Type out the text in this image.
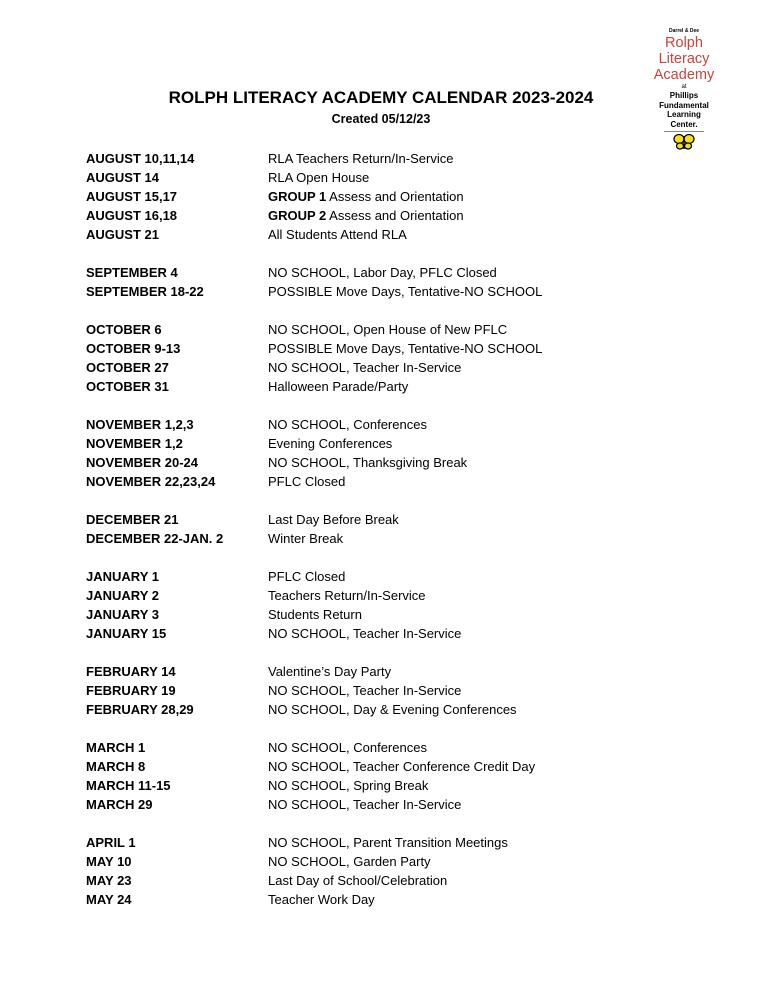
Darrel & Dee
Rolph
Literacy
Academy
at
Phillips
Fundamental
Learning
Center.
ROLPH LITERACY ACADEMY CALENDAR 2023-2024
Created 05/12/23
AUGUST 10,11,14	RLA Teachers Return/In-Service
AUGUST 14	RLA Open House
AUGUST 15,17	GROUP 1 Assess and Orientation
AUGUST 16,18	GROUP 2 Assess and Orientation
AUGUST 21	All Students Attend RLA
SEPTEMBER 4	NO SCHOOL, Labor Day, PFLC Closed
SEPTEMBER 18-22	POSSIBLE Move Days, Tentative-NO SCHOOL
OCTOBER 6	NO SCHOOL, Open House of New PFLC
OCTOBER 9-13	POSSIBLE Move Days, Tentative-NO SCHOOL
OCTOBER 27	NO SCHOOL, Teacher In-Service
OCTOBER 31	Halloween Parade/Party
NOVEMBER 1,2,3	NO SCHOOL, Conferences
NOVEMBER 1,2	Evening Conferences
NOVEMBER 20-24	NO SCHOOL, Thanksgiving Break
NOVEMBER 22,23,24	PFLC Closed
DECEMBER 21	Last Day Before Break
DECEMBER 22-JAN. 2	Winter Break
JANUARY 1	PFLC Closed
JANUARY 2	Teachers Return/In-Service
JANUARY 3	Students Return
JANUARY 15	NO SCHOOL, Teacher In-Service
FEBRUARY 14	Valentine’s Day Party
FEBRUARY 19	NO SCHOOL, Teacher In-Service
FEBRUARY 28,29	NO SCHOOL, Day & Evening Conferences
MARCH 1	NO SCHOOL, Conferences
MARCH 8	NO SCHOOL, Teacher Conference Credit Day
MARCH 11-15	NO SCHOOL, Spring Break
MARCH 29	NO SCHOOL, Teacher In-Service
APRIL 1	NO SCHOOL, Parent Transition Meetings
MAY 10	NO SCHOOL, Garden Party
MAY 23	Last Day of School/Celebration
MAY 24	Teacher Work Day
